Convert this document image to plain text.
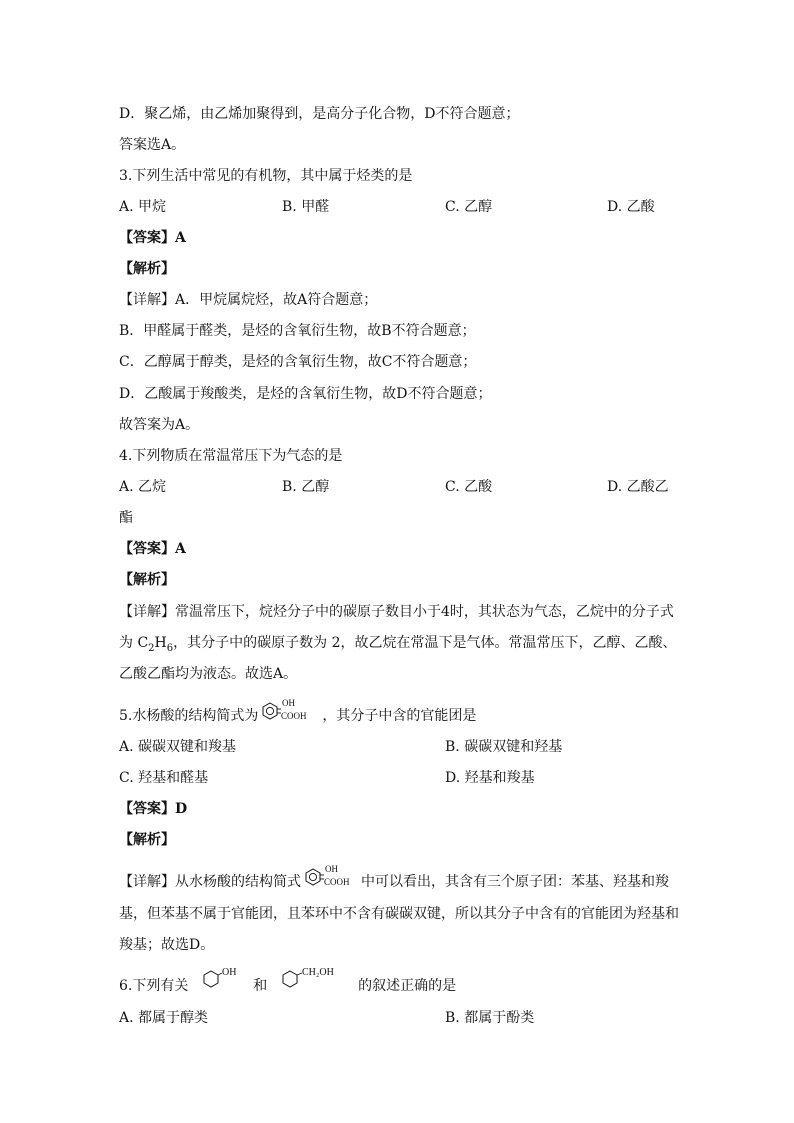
D．聚乙烯，由乙烯加聚得到，是高分子化合物，D不符合题意；
答案选A。
3.下列生活中常见的有机物，其中属于烃类的是
A. 甲烷	B. 甲醛	C. 乙醇	D. 乙酸
【答案】A
【解析】
【详解】A．甲烷属烷烃，故A符合题意；
B．甲醛属于醛类，是烃的含氧衍生物，故B不符合题意；
C．乙醇属于醇类，是烃的含氧衍生物，故C不符合题意；
D．乙酸属于羧酸类，是烃的含氧衍生物，故D不符合题意；
故答案为A。
4.下列物质在常温常压下为气态的是
A. 乙烷	B. 乙醇	C. 乙酸	D. 乙酸乙
酯
【答案】A
【解析】
【详解】常温常压下，烷烃分子中的碳原子数目小于4时，其状态为气态，乙烷中的分子式
为 $C_2H_6$，其分子中的碳原子数为 2，故乙烷在常温下是气体。常温常压下，乙醇、乙酸、
乙酸乙酯均为液态。故选A。
5.水杨酸的结构简式为
OH
COOH ，其分子中含的官能团是
A. 碳碳双键和羧基	B. 碳碳双键和羟基
C. 羟基和醛基	D. 羟基和羧基
【答案】D
【解析】
【详解】从水杨酸的结构简式
OH
COOH 中可以看出，其含有三个原子团：苯基、羟基和羧
基，但苯基不属于官能团，且苯环中不含有碳碳双键，所以其分子中含有的官能团为羟基和
羧基；故选D。
6.下列有关
OH
和
CH₂OH
的叙述正确的是
A. 都属于醇类	B. 都属于酚类
